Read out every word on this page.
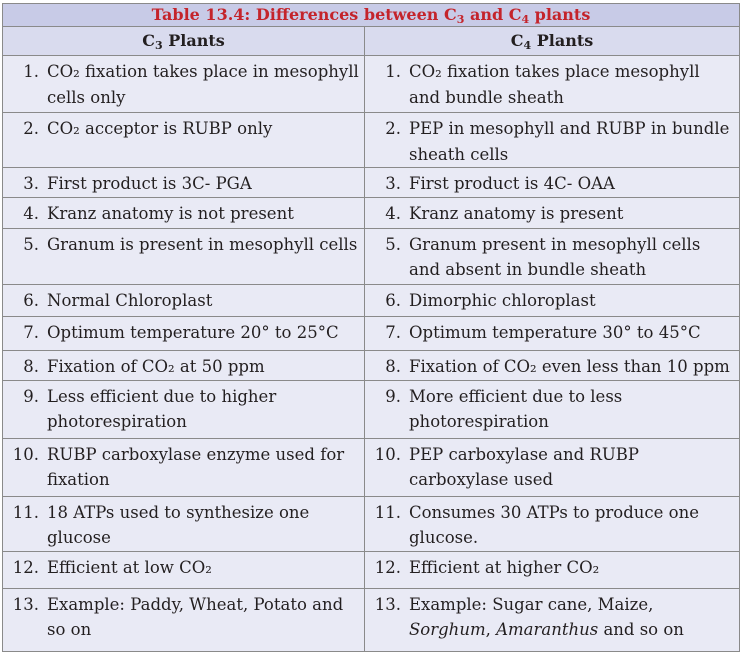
Table 13.4: Differences between $C_3$ and $C_4$ plants	
$C_3$ Plants	$C_4$ Plants

1. CO₂ fixation takes place in mesophyll cells only	1. CO₂ fixation takes place mesophyll and bundle sheath

2. CO₂ acceptor is RUBP only	2. PEP in mesophyll and RUBP in bundle sheath cells

3. First product is 3C- PGA	3. First product is 4C- OAA

4. Kranz anatomy is not present	4. Kranz anatomy is present

5. Granum is present in mesophyll cells	5. Granum present in mesophyll cells and absent in bundle sheath

6. Normal Chloroplast	6. Dimorphic chloroplast

7. Optimum temperature 20° to 25°C	7. Optimum temperature 30° to 45°C

8. Fixation of CO₂ at 50 ppm	8. Fixation of CO₂ even less than 10 ppm

9. Less efficient due to higher photorespiration	9. More efficient due to less photorespiration

10. RUBP carboxylase enzyme used for fixation	10. PEP carboxylase and RUBP carboxylase used

11. 18 ATPs used to synthesize one glucose	11. Consumes 30 ATPs to produce one glucose.

12. Efficient at low CO₂	12. Efficient at higher CO₂

13. Example: Paddy, Wheat, Potato and so on	13. Example: Sugar cane, Maize, Sorghum, Amaranthus and so on
